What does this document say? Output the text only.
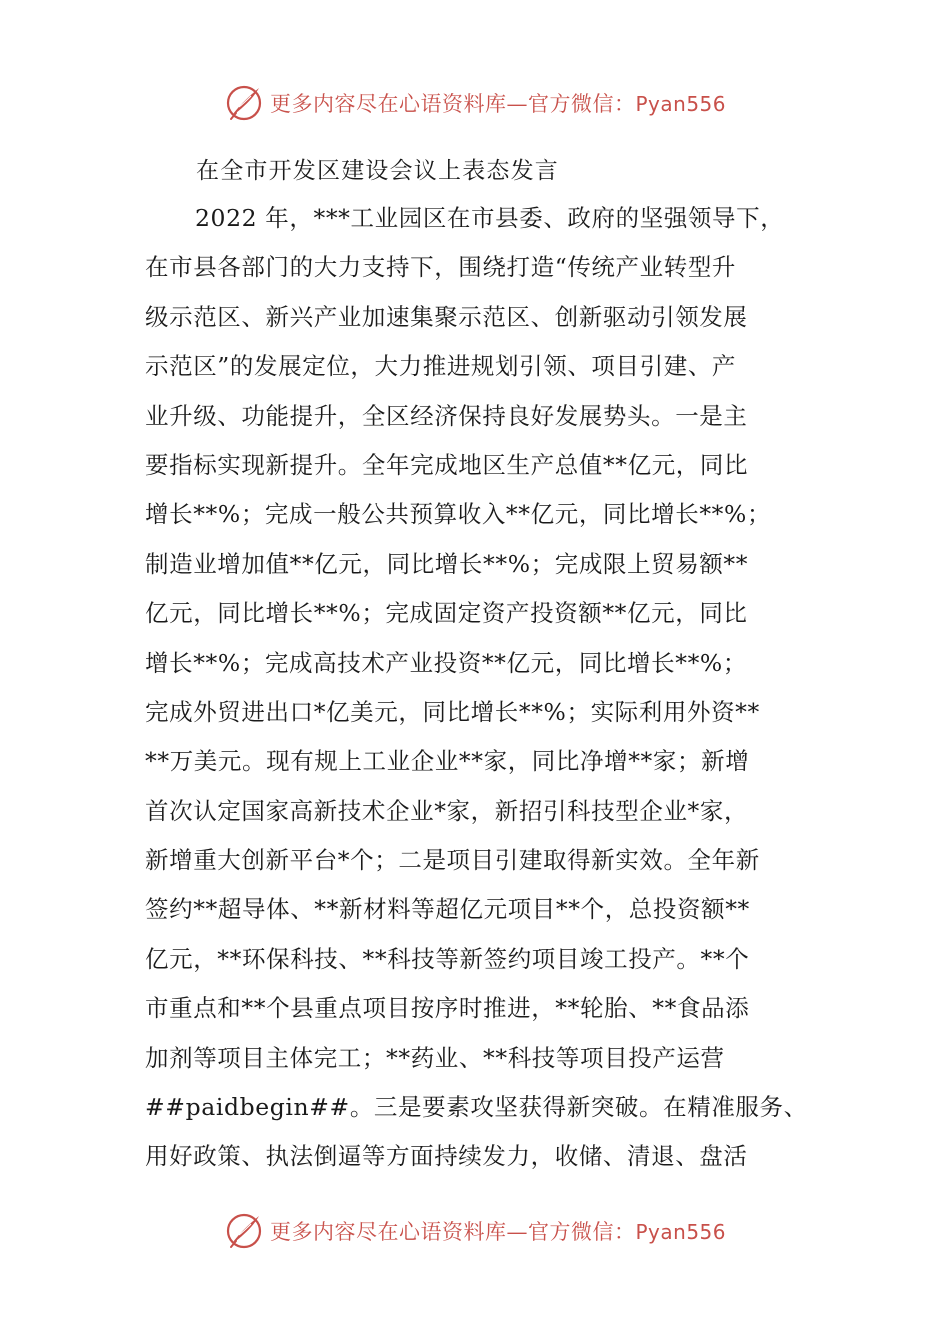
更多内容尽在心语资料库—官方微信：Pyan556
在全市开发区建设会议上表态发言
2022 年，***工业园区在市县委、政府的坚强领导下，
在市县各部门的大力支持下，围绕打造“传统产业转型升
级示范区、新兴产业加速集聚示范区、创新驱动引领发展
示范区”的发展定位，大力推进规划引领、项目引建、产
业升级、功能提升，全区经济保持良好发展势头。一是主
要指标实现新提升。全年完成地区生产总值**亿元，同比
增长**%；完成一般公共预算收入**亿元，同比增长**%；
制造业增加值**亿元，同比增长**%；完成限上贸易额**
亿元，同比增长**%；完成固定资产投资额**亿元，同比
增长**%；完成高技术产业投资**亿元，同比增长**%；
完成外贸进出口*亿美元，同比增长**%；实际利用外资**
**万美元。现有规上工业企业**家，同比净增**家；新增
首次认定国家高新技术企业*家，新招引科技型企业*家，
新增重大创新平台*个；二是项目引建取得新实效。全年新
签约**超导体、**新材料等超亿元项目**个，总投资额**
亿元，**环保科技、**科技等新签约项目竣工投产。**个
市重点和**个县重点项目按序时推进，**轮胎、**食品添
加剂等项目主体完工；**药业、**科技等项目投产运营
##paidbegin##。三是要素攻坚获得新突破。在精准服务、
用好政策、执法倒逼等方面持续发力，收储、清退、盘活
更多内容尽在心语资料库—官方微信：Pyan556
